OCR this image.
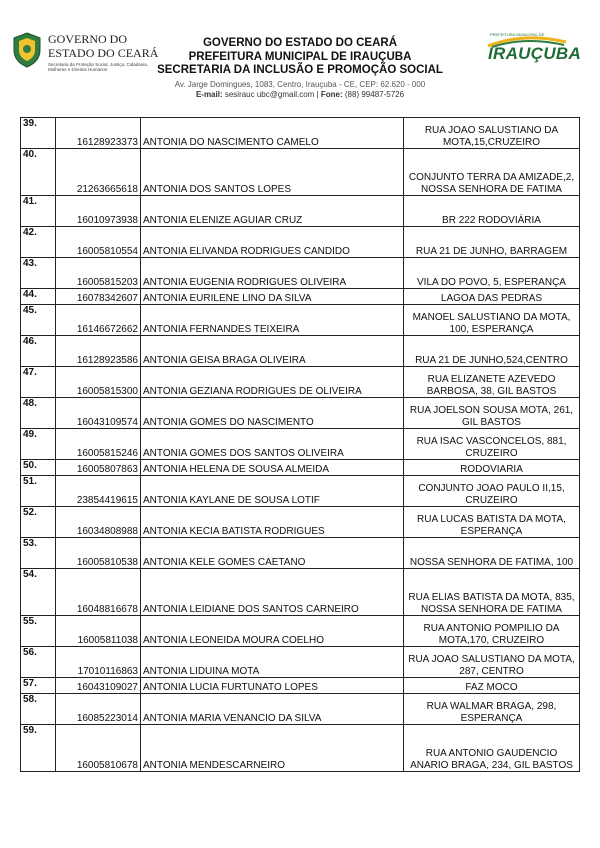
GOVERNO DO
ESTADO DO CEARÁ
Secretaria da Proteção Social, Justiça, Cidadania, Mulheres e Direitos Humanos
GOVERNO DO ESTADO DO CEARÁ
PREFEITURA MUNICIPAL DE IRAUÇUBA
SECRETARIA DA INCLUSÃO E PROMOÇÃO SOCIAL
Av. Jarge Domingues, 1083, Centro, Irauçuba - CE, CEP: 62.620 - 000
E-mail: sesirauc ubc@gmail.com | Fone: (88) 99487-5726
PREFEITURA MUNICIPAL DE
IRAUÇUBA
39.	16128923373	ANTONIA DO NASCIMENTO CAMELO	RUA JOAO SALUSTIANO DA MOTA,15,CRUZEIRO
40.	21263665618	ANTONIA DOS SANTOS LOPES	CONJUNTO TERRA DA AMIZADE,2, NOSSA SENHORA DE FATIMA
41.	16010973938	ANTONIA ELENIZE AGUIAR CRUZ	BR 222 RODOVIÁRIA
42.	16005810554	ANTONIA ELIVANDA RODRIGUES CANDIDO	RUA 21 DE JUNHO, BARRAGEM
43.	16005815203	ANTONIA EUGENIA RODRIGUES OLIVEIRA	VILA DO POVO, 5, ESPERANÇA
44.	16078342607	ANTONIA EURILENE LINO DA SILVA	LAGOA DAS PEDRAS
45.	16146672662	ANTONIA FERNANDES TEIXEIRA	MANOEL SALUSTIANO DA MOTA, 100, ESPERANÇA
46.	16128923586	ANTONIA GEISA BRAGA OLIVEIRA	RUA 21 DE JUNHO,524,CENTRO
47.	16005815300	ANTONIA GEZIANA RODRIGUES DE OLIVEIRA	RUA ELIZANETE AZEVEDO BARBOSA, 38, GIL BASTOS
48.	16043109574	ANTONIA GOMES DO NASCIMENTO	RUA JOELSON SOUSA MOTA, 261, GIL BASTOS
49.	16005815246	ANTONIA GOMES DOS SANTOS OLIVEIRA	RUA ISAC VASCONCELOS, 881, CRUZEIRO
50.	16005807863	ANTONIA HELENA DE SOUSA ALMEIDA	RODOVIARIA
51.	23854419615	ANTONIA KAYLANE DE SOUSA LOTIF	CONJUNTO JOAO PAULO II,15, CRUZEIRO
52.	16034808988	ANTONIA KECIA BATISTA RODRIGUES	RUA LUCAS BATISTA DA MOTA, ESPERANÇA
53.	16005810538	ANTONIA KELE GOMES CAETANO	NOSSA SENHORA DE FATIMA, 100
54.	16048816678	ANTONIA LEIDIANE DOS SANTOS CARNEIRO	RUA ELIAS BATISTA DA MOTA, 835, NOSSA SENHORA DE FATIMA
55.	16005811038	ANTONIA LEONEIDA MOURA COELHO	RUA ANTONIO POMPILIO DA MOTA,170, CRUZEIRO
56.	17010116863	ANTONIA LIDUINA MOTA	RUA JOAO SALUSTIANO DA MOTA, 287, CENTRO
57.	16043109027	ANTONIA LUCIA FURTUNATO LOPES	FAZ MOCO
58.	16085223014	ANTONIA MARIA VENANCIO DA SILVA	RUA WALMAR BRAGA, 298, ESPERANÇA
59.	16005810678	ANTONIA MENDESCARNEIRO	RUA ANTONIO GAUDENCIO ANARIO BRAGA, 234, GIL BASTOS
